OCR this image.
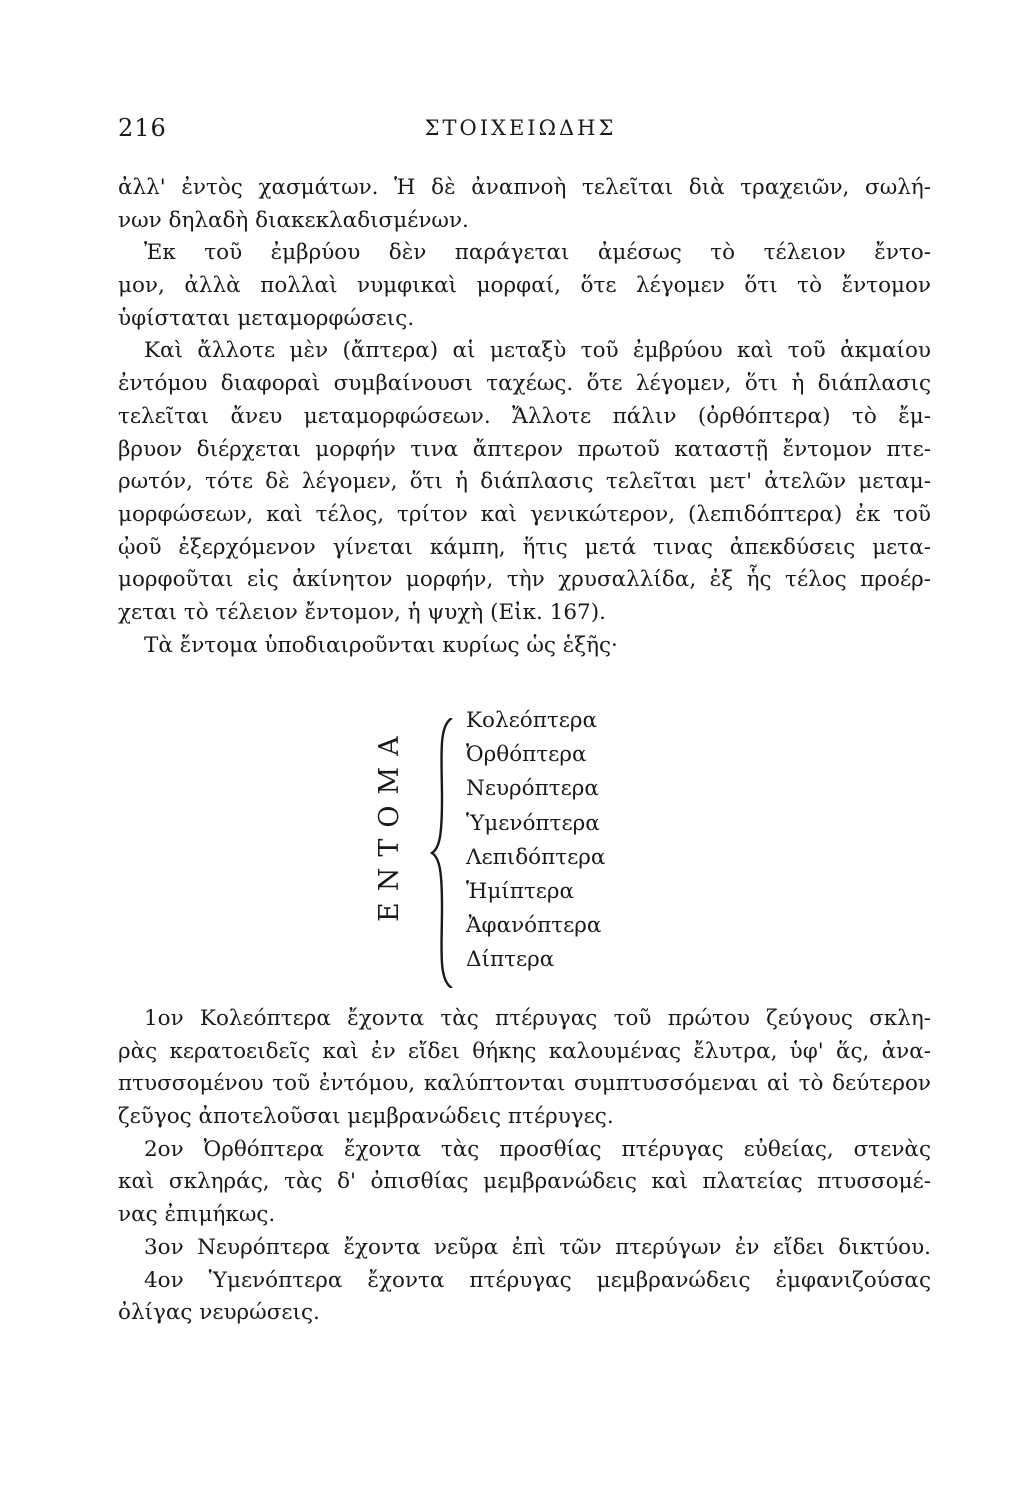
216	ΣΤΟΙΧΕΙΩΔΗΣ
ἀλλ' ἐντὸς χασμάτων. Ἡ δὲ ἀναπνοὴ τελεῖται διὰ τραχειῶν, σωλή-
νων δηλαδὴ διακεκλαδισμένων.
Ἐκ τοῦ ἐμβρύου δὲν παράγεται ἀμέσως τὸ τέλειον ἔντο-
μον, ἀλλὰ πολλαὶ νυμφικαὶ μορφαί, ὅτε λέγομεν ὅτι τὸ ἔντομον
ὑφίσταται μεταμορφώσεις.
Καὶ ἄλλοτε μὲν (ἄπτερα) αἱ μεταξὺ τοῦ ἐμβρύου καὶ τοῦ ἀκμαίου
ἐντόμου διαφοραὶ συμβαίνουσι ταχέως. ὅτε λέγομεν, ὅτι ἡ διάπλασις
τελεῖται ἄνευ μεταμορφώσεων. Ἄλλοτε πάλιν (ὀρθόπτερα) τὸ ἔμ-
βρυον διέρχεται μορφήν τινα ἄπτερον πρωτοῦ καταστῇ ἔντομον πτε-
ρωτόν, τότε δὲ λέγομεν, ὅτι ἡ διάπλασις τελεῖται μετ' ἀτελῶν μεταμ-
μορφώσεων, καὶ τέλος, τρίτον καὶ γενικώτερον, (λεπιδόπτερα) ἐκ τοῦ
ᾠοῦ ἐξερχόμενον γίνεται κάμπη, ἥτις μετά τινας ἀπεκδύσεις μετα-
μορφοῦται εἰς ἀκίνητον μορφήν, τὴν χρυσαλλίδα, ἐξ ἧς τέλος προέρ-
χεται τὸ τέλειον ἔντομον, ἡ ψυχὴ (Εἰκ. 167).
Τὰ ἔντομα ὑποδιαιροῦνται κυρίως ὡς ἑξῆς·
ΕΝΤΟΜΑ
Κολεόπτερα
Ὀρθόπτερα
Νευρόπτερα
Ὑμενόπτερα
Λεπιδόπτερα
Ἡμίπτερα
Ἀφανόπτερα
Δίπτερα
1ον Κολεόπτερα ἔχοντα τὰς πτέρυγας τοῦ πρώτου ζεύγους σκλη-
ρὰς κερατοειδεῖς καὶ ἐν εἴδει θήκης καλουμένας ἔλυτρα, ὑφ' ἅς, ἀνα-
πτυσσομένου τοῦ ἐντόμου, καλύπτονται συμπτυσσόμεναι αἱ τὸ δεύτερον
ζεῦγος ἀποτελοῦσαι μεμβρανώδεις πτέρυγες.
2ον Ὀρθόπτερα ἔχοντα τὰς προσθίας πτέρυγας εὐθείας, στενὰς
καὶ σκληράς, τὰς δ' ὀπισθίας μεμβρανώδεις καὶ πλατείας πτυσσομέ-
νας ἐπιμήκως.
3ον Νευρόπτερα ἔχοντα νεῦρα ἐπὶ τῶν πτερύγων ἐν εἴδει δικτύου.
4ον Ὑμενόπτερα ἔχοντα πτέρυγας μεμβρανώδεις ἐμφανιζούσας
ὀλίγας νευρώσεις.
